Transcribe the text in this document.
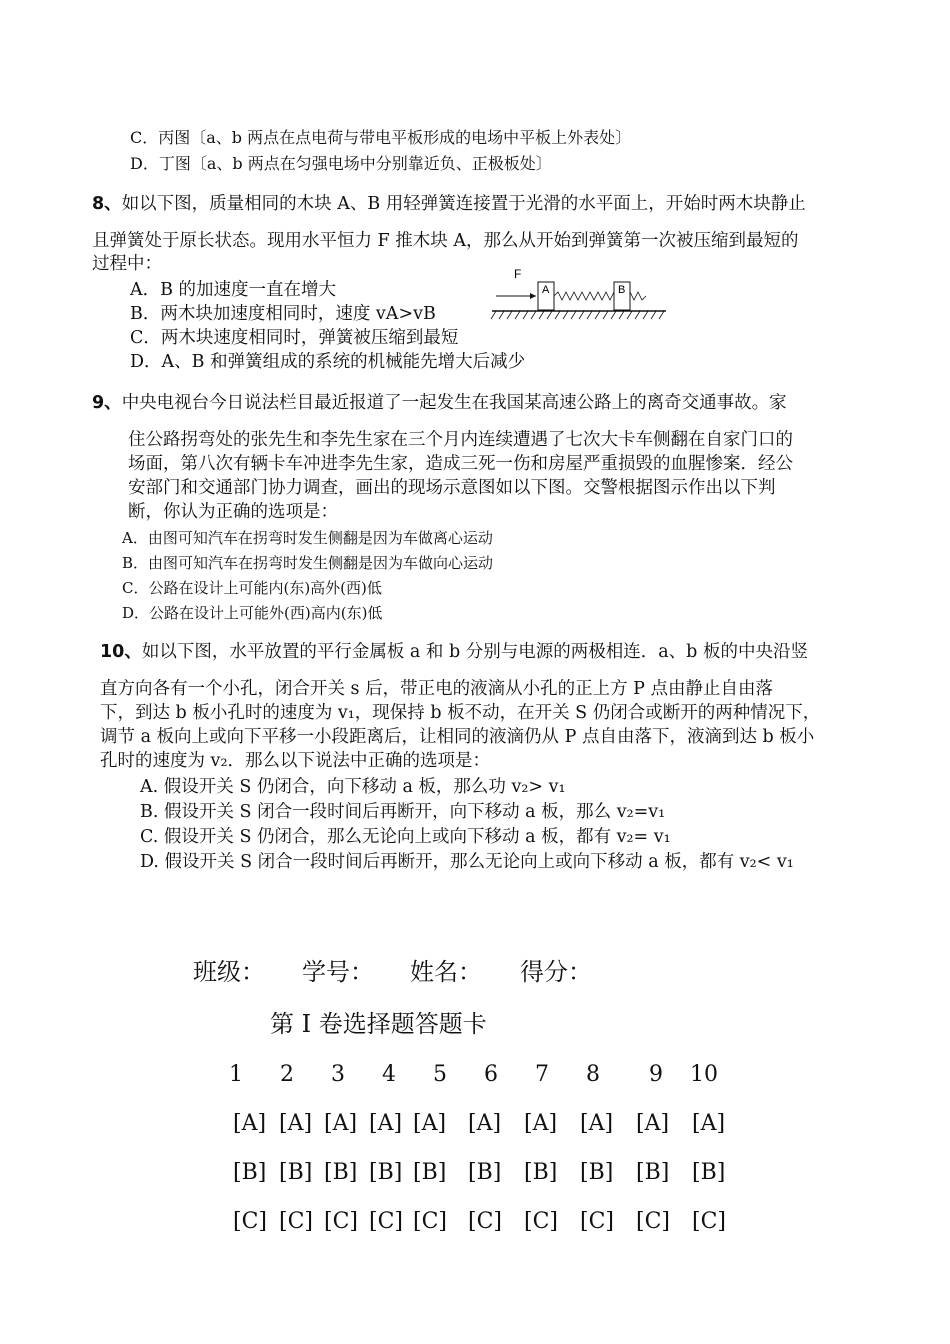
C．丙图〔a、b 两点在点电荷与带电平板形成的电场中平板上外表处〕
D．丁图〔a、b 两点在匀强电场中分别靠近负、正极板处〕
8、如以下图，质量相同的木块 A、B 用轻弹簧连接置于光滑的水平面上，开始时两木块静止
且弹簧处于原长状态。现用水平恒力 F 推木块 A，那么从开始到弹簧第一次被压缩到最短的
过程中：
A．B 的加速度一直在增大
B．两木块加速度相同时，速度 vA>vB
C．两木块速度相同时，弹簧被压缩到最短
D．A、B 和弹簧组成的系统的机械能先增大后减少
F
A	B
9、中央电视台今日说法栏目最近报道了一起发生在我国某高速公路上的离奇交通事故。家
住公路拐弯处的张先生和李先生家在三个月内连续遭遇了七次大卡车侧翻在自家门口的
场面，第八次有辆卡车冲进李先生家，造成三死一伤和房屋严重损毁的血腥惨案．经公
安部门和交通部门协力调查，画出的现场示意图如以下图。交警根据图示作出以下判
断，你认为正确的选项是：
A．由图可知汽车在拐弯时发生侧翻是因为车做离心运动
B．由图可知汽车在拐弯时发生侧翻是因为车做向心运动
C．公路在设计上可能内(东)高外(西)低
D．公路在设计上可能外(西)高内(东)低
10、如以下图，水平放置的平行金属板 a 和 b 分别与电源的两极相连．a、b 板的中央沿竖
直方向各有一个小孔，闭合开关 s 后，带正电的液滴从小孔的正上方 P 点由静止自由落
下，到达 b 板小孔时的速度为 v₁，现保持 b 板不动，在开关 S 仍闭合或断开的两种情况下，
调节 a 板向上或向下平移一小段距离后，让相同的液滴仍从 P 点自由落下，液滴到达 b 板小
孔时的速度为 v₂．那么以下说法中正确的选项是：
A. 假设开关 S 仍闭合，向下移动 a 板，那么功 v₂> v₁
B. 假设开关 S 闭合一段时间后再断开，向下移动 a 板，那么 v₂=v₁
C. 假设开关 S 仍闭合，那么无论向上或向下移动 a 板，都有 v₂= v₁
D. 假设开关 S 闭合一段时间后再断开，那么无论向上或向下移动 a 板，都有 v₂< v₁
班级： 学号： 姓名： 得分：
第 I 卷选择题答题卡
1 2 3 4 5 6 7 8 9 10
[A] [A] [A] [A] [A] [A] [A] [A] [A] [A]
[B] [B] [B] [B] [B] [B] [B] [B] [B] [B]
[C] [C] [C] [C] [C] [C] [C] [C] [C] [C]
